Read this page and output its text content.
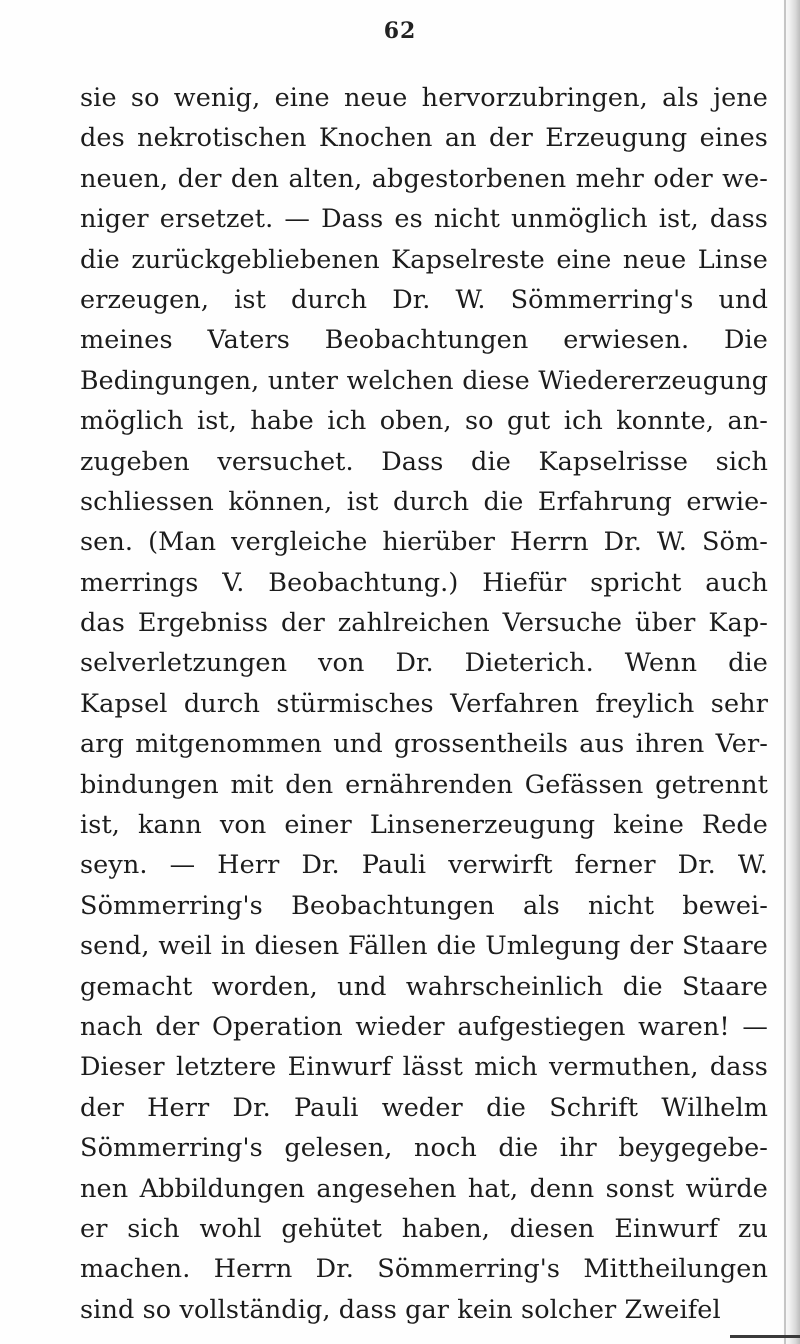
62
sie so wenig, eine neue hervorzubringen, als jene
des nekrotischen Knochen an der Erzeugung eines
neuen, der den alten, abgestorbenen mehr oder we-
niger ersetzet. — Dass es nicht unmöglich ist, dass
die zurückgebliebenen Kapselreste eine neue Linse
erzeugen, ist durch Dr. W. Sömmerring's und
meines Vaters Beobachtungen erwiesen. Die
Bedingungen, unter welchen diese Wiedererzeugung
möglich ist, habe ich oben, so gut ich konnte, an-
zugeben versuchet. Dass die Kapselrisse sich
schliessen können, ist durch die Erfahrung erwie-
sen. (Man vergleiche hierüber Herrn Dr. W. Söm-
merrings V. Beobachtung.) Hiefür spricht auch
das Ergebniss der zahlreichen Versuche über Kap-
selverletzungen von Dr. Dieterich. Wenn die
Kapsel durch stürmisches Verfahren freylich sehr
arg mitgenommen und grossentheils aus ihren Ver-
bindungen mit den ernährenden Gefässen getrennt
ist, kann von einer Linsenerzeugung keine Rede
seyn. — Herr Dr. Pauli verwirft ferner Dr. W.
Sömmerring's Beobachtungen als nicht bewei-
send, weil in diesen Fällen die Umlegung der Staare
gemacht worden, und wahrscheinlich die Staare
nach der Operation wieder aufgestiegen waren! —
Dieser letztere Einwurf lässt mich vermuthen, dass
der Herr Dr. Pauli weder die Schrift Wilhelm
Sömmerring's gelesen, noch die ihr beygegebe-
nen Abbildungen angesehen hat, denn sonst würde
er sich wohl gehütet haben, diesen Einwurf zu
machen. Herrn Dr. Sömmerring's Mittheilungen
sind so vollständig, dass gar kein solcher Zweifel
